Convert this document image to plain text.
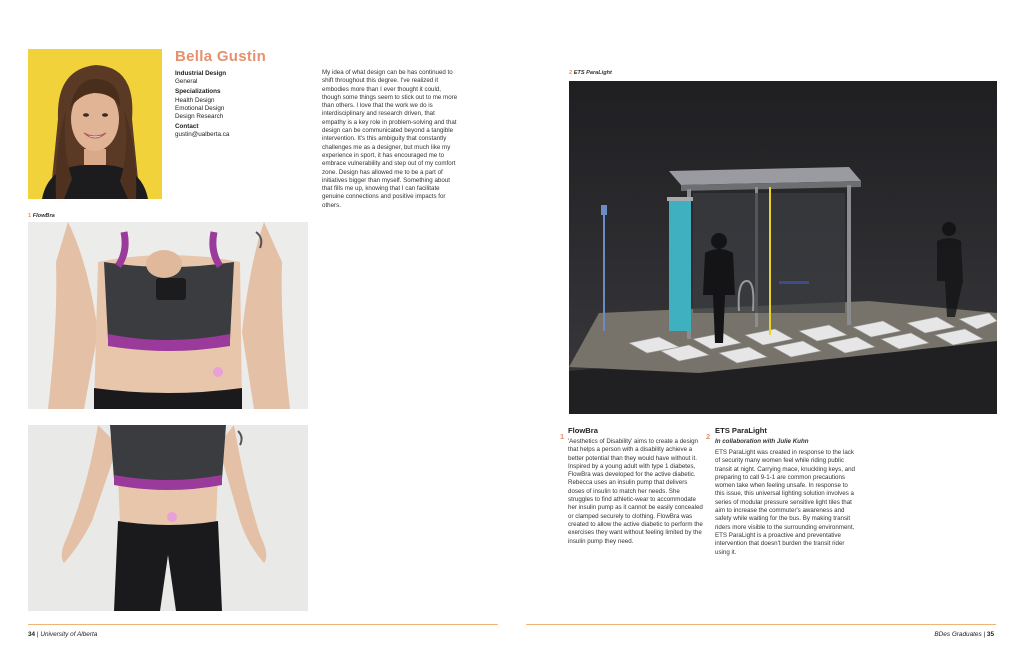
Bella Gustin
Industrial Design
General
Specializations
Health Design
Emotional Design
Design Research
Contact
gustin@ualberta.ca
My idea of what design can be has continued to shift throughout this degree. I've realized it embodies more than I ever thought it could, though some things seem to stick out to me more than others. I love that the work we do is interdisciplinary and research driven, that empathy is a key role in problem-solving and that design can be communicated beyond a tangible intervention. It's this ambiguity that constantly challenges me as a designer, but much like my experience in sport, it has encouraged me to embrace vulnerability and step out of my comfort zone. Design has allowed me to be a part of initiatives bigger than myself. Something about that fills me up, knowing that I can facilitate genuine connections and positive impacts for others.
1 FlowBra
2 ETS ParaLight
1
FlowBra
'Aesthetics of Disability' aims to create a design that helps a person with a disability achieve a better potential than they would have without it. Inspired by a young adult with type 1 diabetes, FlowBra was developed for the active diabetic. Rebecca uses an insulin pump that delivers doses of insulin to match her needs. She struggles to find athletic-wear to accommodate her insulin pump as it cannot be easily concealed or clamped securely to clothing. FlowBra was created to allow the active diabetic to perform the exercises they want without feeling limited by the insulin pump they need.
2
ETS ParaLight
In collaboration with Julie Kuhn
ETS ParaLight was created in response to the lack of security many women feel while riding public transit at night. Carrying mace, knuckling keys, and preparing to call 9-1-1 are common precautions women take when feeling unsafe. In response to this issue, this universal lighting solution involves a series of modular pressure sensitive light tiles that aim to increase the commuter's awareness and safety while waiting for the bus. By making transit riders more visible to the surrounding environment, ETS ParaLight is a proactive and preventative intervention that doesn't burden the transit rider using it.
34 | University of Alberta	BDes Graduates | 35
